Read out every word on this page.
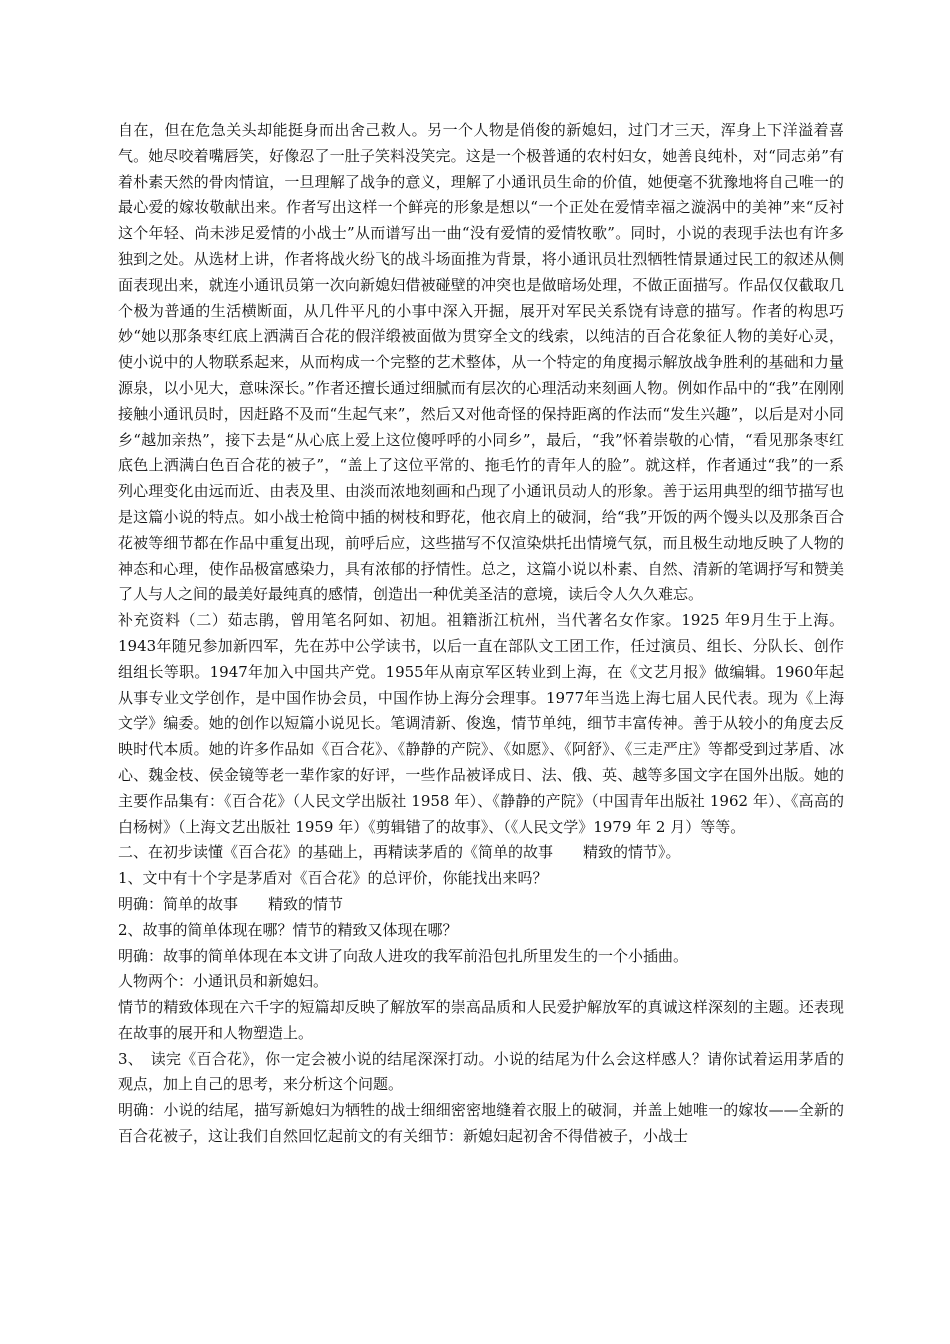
自在，但在危急关头却能挺身而出舍己救人。另一个人物是俏俊的新媳妇，过门才三天，浑身上下洋溢着喜气。她尽咬着嘴唇笑，好像忍了一肚子笑料没笑完。这是一个极普通的农村妇女，她善良纯朴，对“同志弟”有着朴素天然的骨肉情谊，一旦理解了战争的意义，理解了小通讯员生命的价值，她便毫不犹豫地将自己唯一的最心爱的嫁妆敬献出来。作者写出这样一个鲜亮的形象是想以“一个正处在爱情幸福之漩涡中的美神”来“反衬这个年轻、尚未涉足爱情的小战士”从而谱写出一曲“没有爱情的爱情牧歌”。同时，小说的表现手法也有许多独到之处。从选材上讲，作者将战火纷飞的战斗场面推为背景，将小通讯员壮烈牺牲情景通过民工的叙述从侧面表现出来，就连小通讯员第一次向新媳妇借被碰壁的冲突也是做暗场处理，不做正面描写。作品仅仅截取几个极为普通的生活横断面，从几件平凡的小事中深入开掘，展开对军民关系饶有诗意的描写。作者的构思巧妙“她以那条枣红底上洒满百合花的假洋缎被面做为贯穿全文的线索，以纯洁的百合花象征人物的美好心灵，使小说中的人物联系起来，从而构成一个完整的艺术整体，从一个特定的角度揭示解放战争胜利的基础和力量源泉，以小见大，意味深长。”作者还擅长通过细腻而有层次的心理活动来刻画人物。例如作品中的“我”在刚刚接触小通讯员时，因赶路不及而“生起气来”，然后又对他奇怪的保持距离的作法而“发生兴趣”，以后是对小同乡“越加亲热”，接下去是“从心底上爱上这位傻呼呼的小同乡”，最后，“我”怀着崇敬的心情，“看见那条枣红底色上洒满白色百合花的被子”，“盖上了这位平常的、拖毛竹的青年人的脸”。就这样，作者通过“我”的一系列心理变化由远而近、由表及里、由淡而浓地刻画和凸现了小通讯员动人的形象。善于运用典型的细节描写也是这篇小说的特点。如小战士枪筒中插的树枝和野花，他衣肩上的破洞，给“我”开饭的两个馒头以及那条百合花被等细节都在作品中重复出现，前呼后应，这些描写不仅渲染烘托出情境气氛，而且极生动地反映了人物的神态和心理，使作品极富感染力，具有浓郁的抒情性。总之，这篇小说以朴素、自然、清新的笔调抒写和赞美了人与人之间的最美好最纯真的感情，创造出一种优美圣洁的意境，读后令人久久难忘。

补充资料（二）茹志鹃，曾用笔名阿如、初旭。祖籍浙江杭州，当代著名女作家。1925 年9月生于上海。1943年随兄参加新四军，先在苏中公学读书，以后一直在部队文工团工作，任过演员、组长、分队长、创作组组长等职。1947年加入中国共产党。1955年从南京军区转业到上海，在《文艺月报》做编辑。1960年起从事专业文学创作，是中国作协会员，中国作协上海分会理事。1977年当选上海七届人民代表。现为《上海文学》编委。她的创作以短篇小说见长。笔调清新、俊逸，情节单纯，细节丰富传神。善于从较小的角度去反映时代本质。她的许多作品如《百合花》、《静静的产院》、《如愿》、《阿舒》、《三走严庄》等都受到过茅盾、冰心、魏金枝、侯金镜等老一辈作家的好评，一些作品被译成日、法、俄、英、越等多国文字在国外出版。她的主要作品集有：《百合花》（人民文学出版社 1958 年）、《静静的产院》（中国青年出版社 1962 年）、《高高的白杨树》（上海文艺出版社 1959 年）《剪辑错了的故事》、（《人民文学》1979 年 2 月）等等。

二、在初步读懂《百合花》的基础上，再精读茅盾的《简单的故事　　精致的情节》。

1、文中有十个字是茅盾对《百合花》的总评价，你能找出来吗？

明确：简单的故事　　精致的情节

2、故事的简单体现在哪？情节的精致又体现在哪？

明确：故事的简单体现在本文讲了向敌人进攻的我军前沿包扎所里发生的一个小插曲。

人物两个：小通讯员和新媳妇。

情节的精致体现在六千字的短篇却反映了解放军的崇高品质和人民爱护解放军的真诚这样深刻的主题。还表现在故事的展开和人物塑造上。

3、　读完《百合花》，你一定会被小说的结尾深深打动。小说的结尾为什么会这样感人？请你试着运用茅盾的观点，加上自己的思考，来分析这个问题。

明确：小说的结尾，描写新媳妇为牺牲的战士细细密密地缝着衣服上的破洞，并盖上她唯一的嫁妆——全新的百合花被子，这让我们自然回忆起前文的有关细节：新媳妇起初舍不得借被子，小战士
